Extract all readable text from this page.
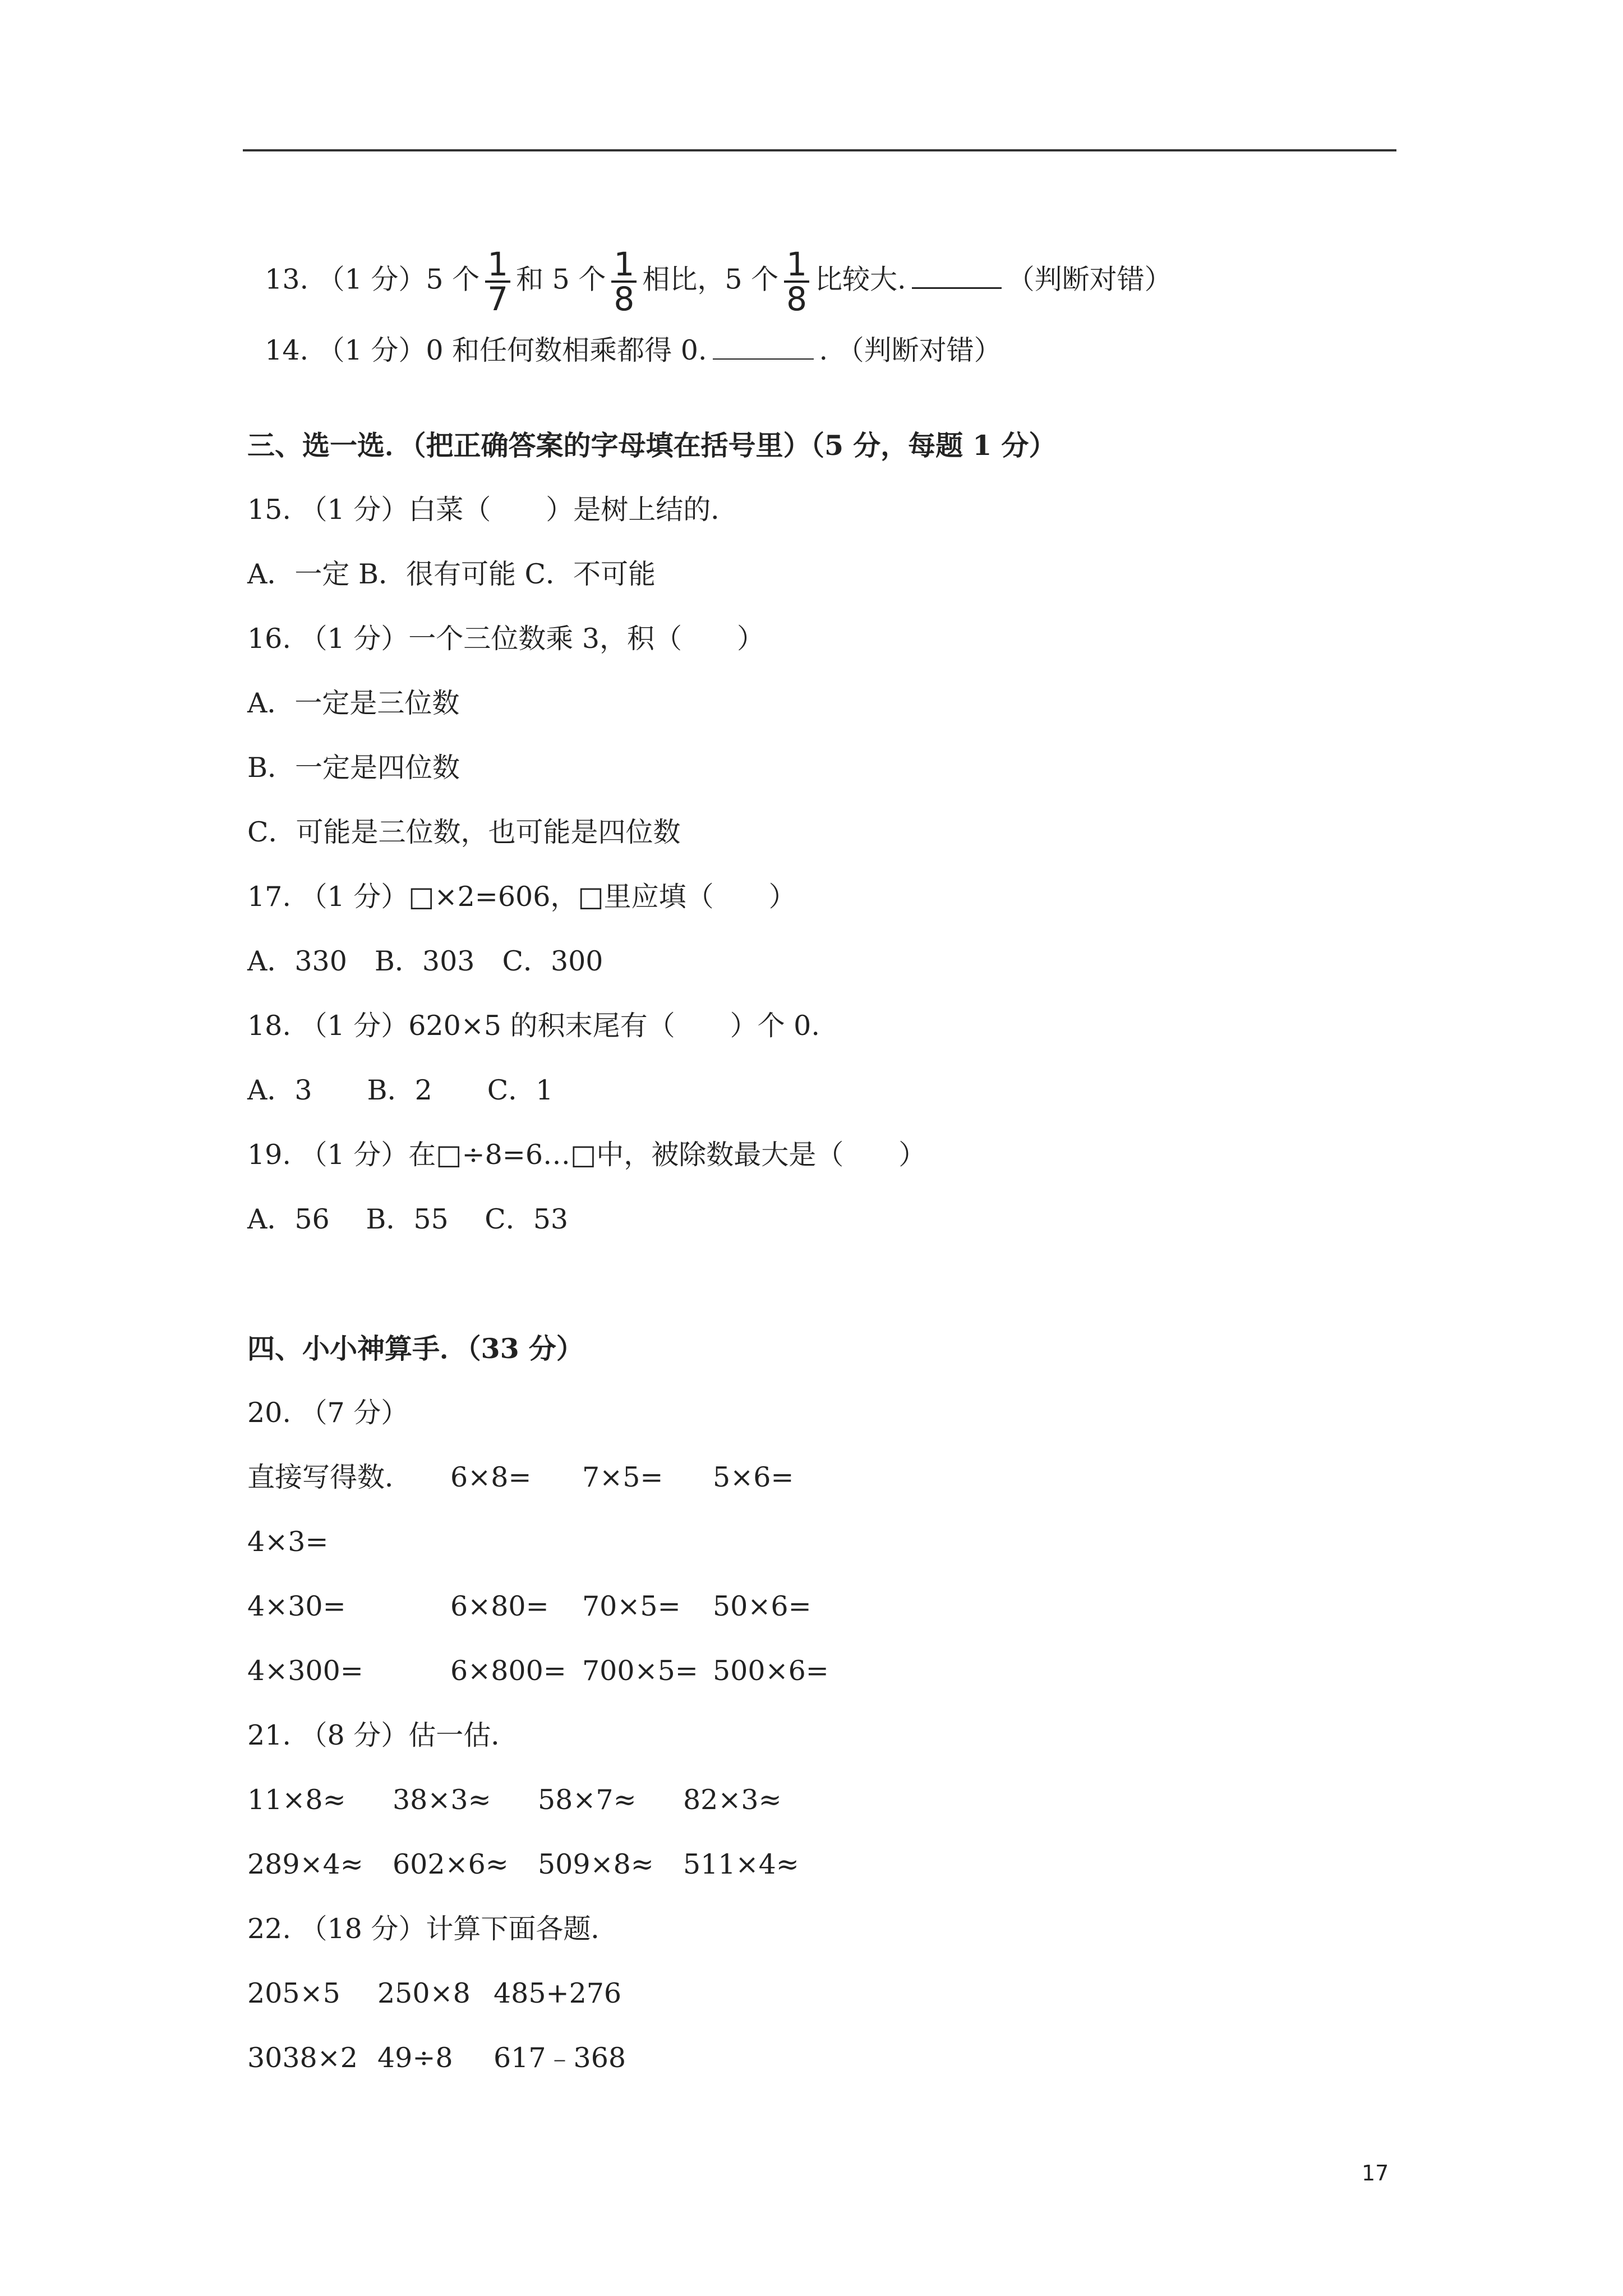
13. （1 分）5 个 $\frac{1}{7}$ 和 5 个 $\frac{1}{8}$ 相比，5 个 $\frac{1}{8}$ 比较大.	（判断对错）

14. （1 分）0 和任何数相乘都得 0.	. （判断对错）

三、选一选．（把正确答案的字母填在括号里）（5 分，每题 1 分）
15. （1 分）白菜（　　）是树上结的．
A．一定 B．很有可能 C．不可能
16. （1 分）一个三位数乘 3，积（　　）
A．一定是三位数
B．一定是四位数
C．可能是三位数，也可能是四位数
17. （1 分）□×2=606，□里应填（　　）
A．330　B．303　C．300
18. （1 分）620×5 的积末尾有（　　）个 0.
A．3　　B．2　　C．1
19. （1 分）在□÷8=6…□中，被除数最大是（　　）
A．56　 B．55　 C．53
四、小小神算手．（33 分）
20. （7 分）
直接写得数． 6×8= 7×5= 5×6=
4×3=
4×30=	6×80= 70×5= 50×6=
4×300=	6×800= 700×5= 500×6=
21. （8 分）估一估．
11×8≈ 38×3≈ 58×7≈ 82×3≈
289×4≈ 602×6≈ 509×8≈ 511×4≈
22. （18 分）计算下面各题．
205×5 250×8 485+276
3038×2 49÷8 617﹣368
17
